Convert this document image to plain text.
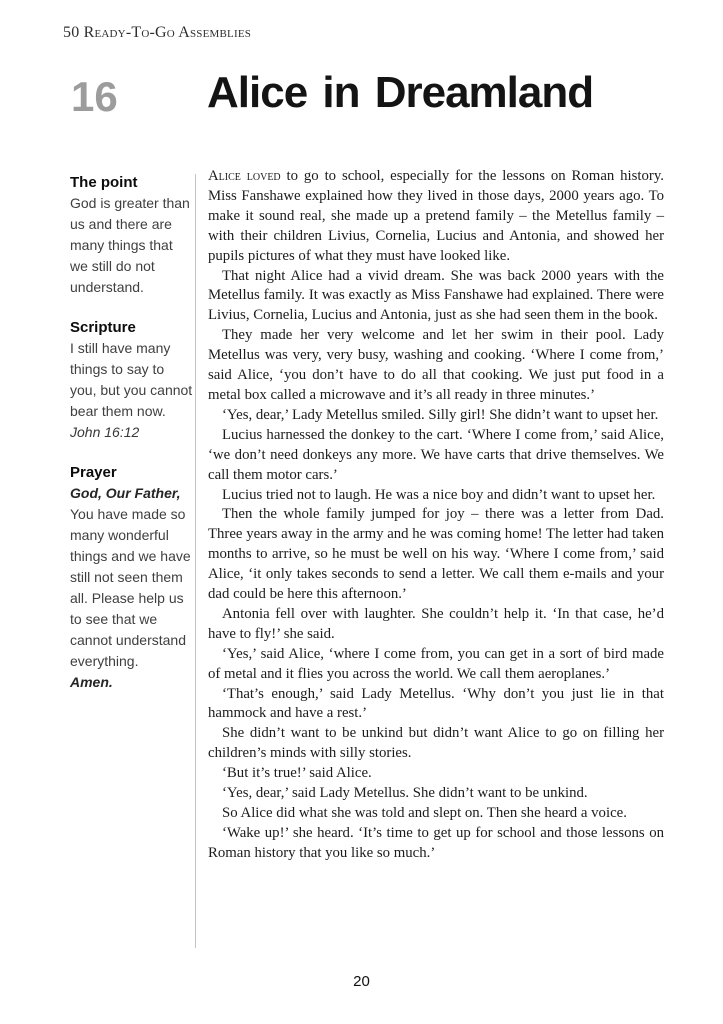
50 Ready-To-Go Assemblies
16 Alice in Dreamland
The point

God is greater than us and there are many things that we still do not understand.

Scripture

I still have many things to say to you, but you cannot bear them now.

John 16:12

Prayer

God, Our Father,

You have made so many wonderful things and we have still not seen them all. Please help us to see that we cannot understand everything.

Amen.

Alice loved to go to school, especially for the lessons on Roman history. Miss Fanshawe explained how they lived in those days, 2000 years ago. To make it sound real, she made up a pretend family – the Metellus family – with their children Livius, Cornelia, Lucius and Antonia, and showed her pupils pictures of what they must have looked like.

That night Alice had a vivid dream. She was back 2000 years with the Metellus family. It was exactly as Miss Fanshawe had explained. There were Livius, Cornelia, Lucius and Antonia, just as she had seen them in the book.

They made her very welcome and let her swim in their pool. Lady Metellus was very, very busy, washing and cooking. ‘Where I come from,’ said Alice, ‘you don’t have to do all that cooking. We just put food in a metal box called a microwave and it’s all ready in three minutes.’

‘Yes, dear,’ Lady Metellus smiled. Silly girl! She didn’t want to upset her.

Lucius harnessed the donkey to the cart. ‘Where I come from,’ said Alice, ‘we don’t need donkeys any more. We have carts that drive themselves. We call them motor cars.’

Lucius tried not to laugh. He was a nice boy and didn’t want to upset her.

Then the whole family jumped for joy – there was a letter from Dad. Three years away in the army and he was coming home! The letter had taken months to arrive, so he must be well on his way. ‘Where I come from,’ said Alice, ‘it only takes seconds to send a letter. We call them e-mails and your dad could be here this afternoon.’

Antonia fell over with laughter. She couldn’t help it. ‘In that case, he’d have to fly!’ she said.

‘Yes,’ said Alice, ‘where I come from, you can get in a sort of bird made of metal and it flies you across the world. We call them aeroplanes.’

‘That’s enough,’ said Lady Metellus. ‘Why don’t you just lie in that hammock and have a rest.’

She didn’t want to be unkind but didn’t want Alice to go on filling her children’s minds with silly stories.

‘But it’s true!’ said Alice.

‘Yes, dear,’ said Lady Metellus. She didn’t want to be unkind.

So Alice did what she was told and slept on. Then she heard a voice.

‘Wake up!’ she heard. ‘It’s time to get up for school and those lessons on Roman history that you like so much.’

20
